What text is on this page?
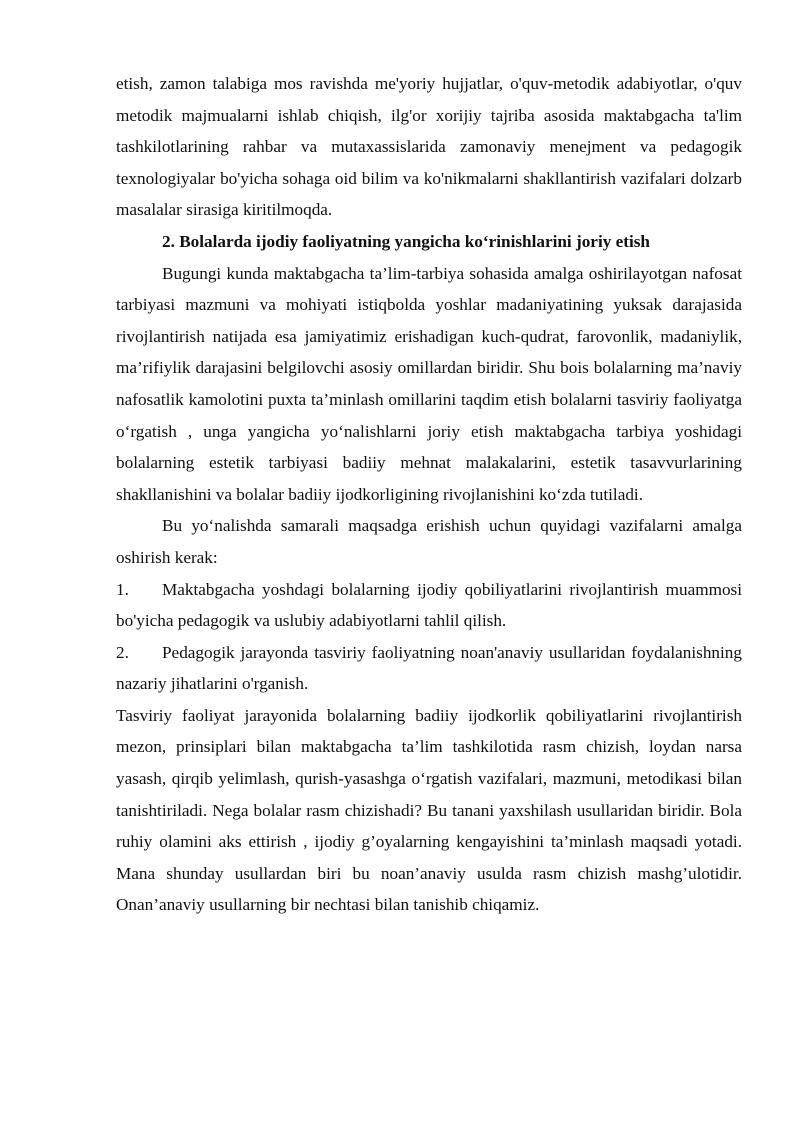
etish, zamon talabiga mos ravishda me'yoriy hujjatlar, o'quv-metodik adabiyotlar, o'quv metodik majmualarni ishlab chiqish, ilg'or xorijiy tajriba asosida maktabgacha ta'lim tashkilotlarining rahbar va mutaxassislarida zamonaviy menejment va pedagogik texnologiyalar bo'yicha sohaga oid bilim va ko'nikmalarni shakllantirish vazifalari dolzarb masalalar sirasiga kiritilmoqda.

2. Bolalarda ijodiy faoliyatning yangicha ko‘rinishlarini joriy etish

Bugungi kunda maktabgacha ta’lim-tarbiya sohasida amalga oshirilayotgan nafosat tarbiyasi mazmuni va mohiyati istiqbolda yoshlar madaniyatining yuksak darajasida rivojlantirish natijada esa jamiyatimiz erishadigan kuch-qudrat, farovonlik, madaniylik, ma’rifiylik darajasini belgilovchi asosiy omillardan biridir. Shu bois bolalarning ma’naviy nafosatlik kamolotini puxta ta’minlash omillarini taqdim etish bolalarni tasviriy faoliyatga o‘rgatish , unga yangicha yo‘nalishlarni joriy etish maktabgacha tarbiya yoshidagi bolalarning estetik tarbiyasi badiiy mehnat malakalarini, estetik tasavvurlarining shakllanishini va bolalar badiiy ijodkorligining rivojlanishini ko‘zda tutiladi.

Bu yo‘nalishda samarali maqsadga erishish uchun quyidagi vazifalarni amalga oshirish kerak:

1. Maktabgacha yoshdagi bolalarning ijodiy qobiliyatlarini rivojlantirish muammosi bo'yicha pedagogik va uslubiy adabiyotlarni tahlil qilish.

2. Pedagogik jarayonda tasviriy faoliyatning noan'anaviy usullaridan foydalanishning nazariy jihatlarini o'rganish.

Tasviriy faoliyat jarayonida bolalarning badiiy ijodkorlik qobiliyatlarini rivojlantirish mezon, prinsiplari bilan maktabgacha ta’lim tashkilotida rasm chizish, loydan narsa yasash, qirqib yelimlash, qurish-yasashga o‘rgatish vazifalari, mazmuni, metodikasi bilan tanishtiriladi. Nega bolalar rasm chizishadi? Bu tanani yaxshilash usullaridan biridir. Bola ruhiy olamini aks ettirish , ijodiy g’oyalarning kengayishini ta’minlash maqsadi yotadi. Mana shunday usullardan biri bu noan’anaviy usulda rasm chizish mashg’ulotidir. Onan’anaviy usullarning bir nechtasi bilan tanishib chiqamiz.
